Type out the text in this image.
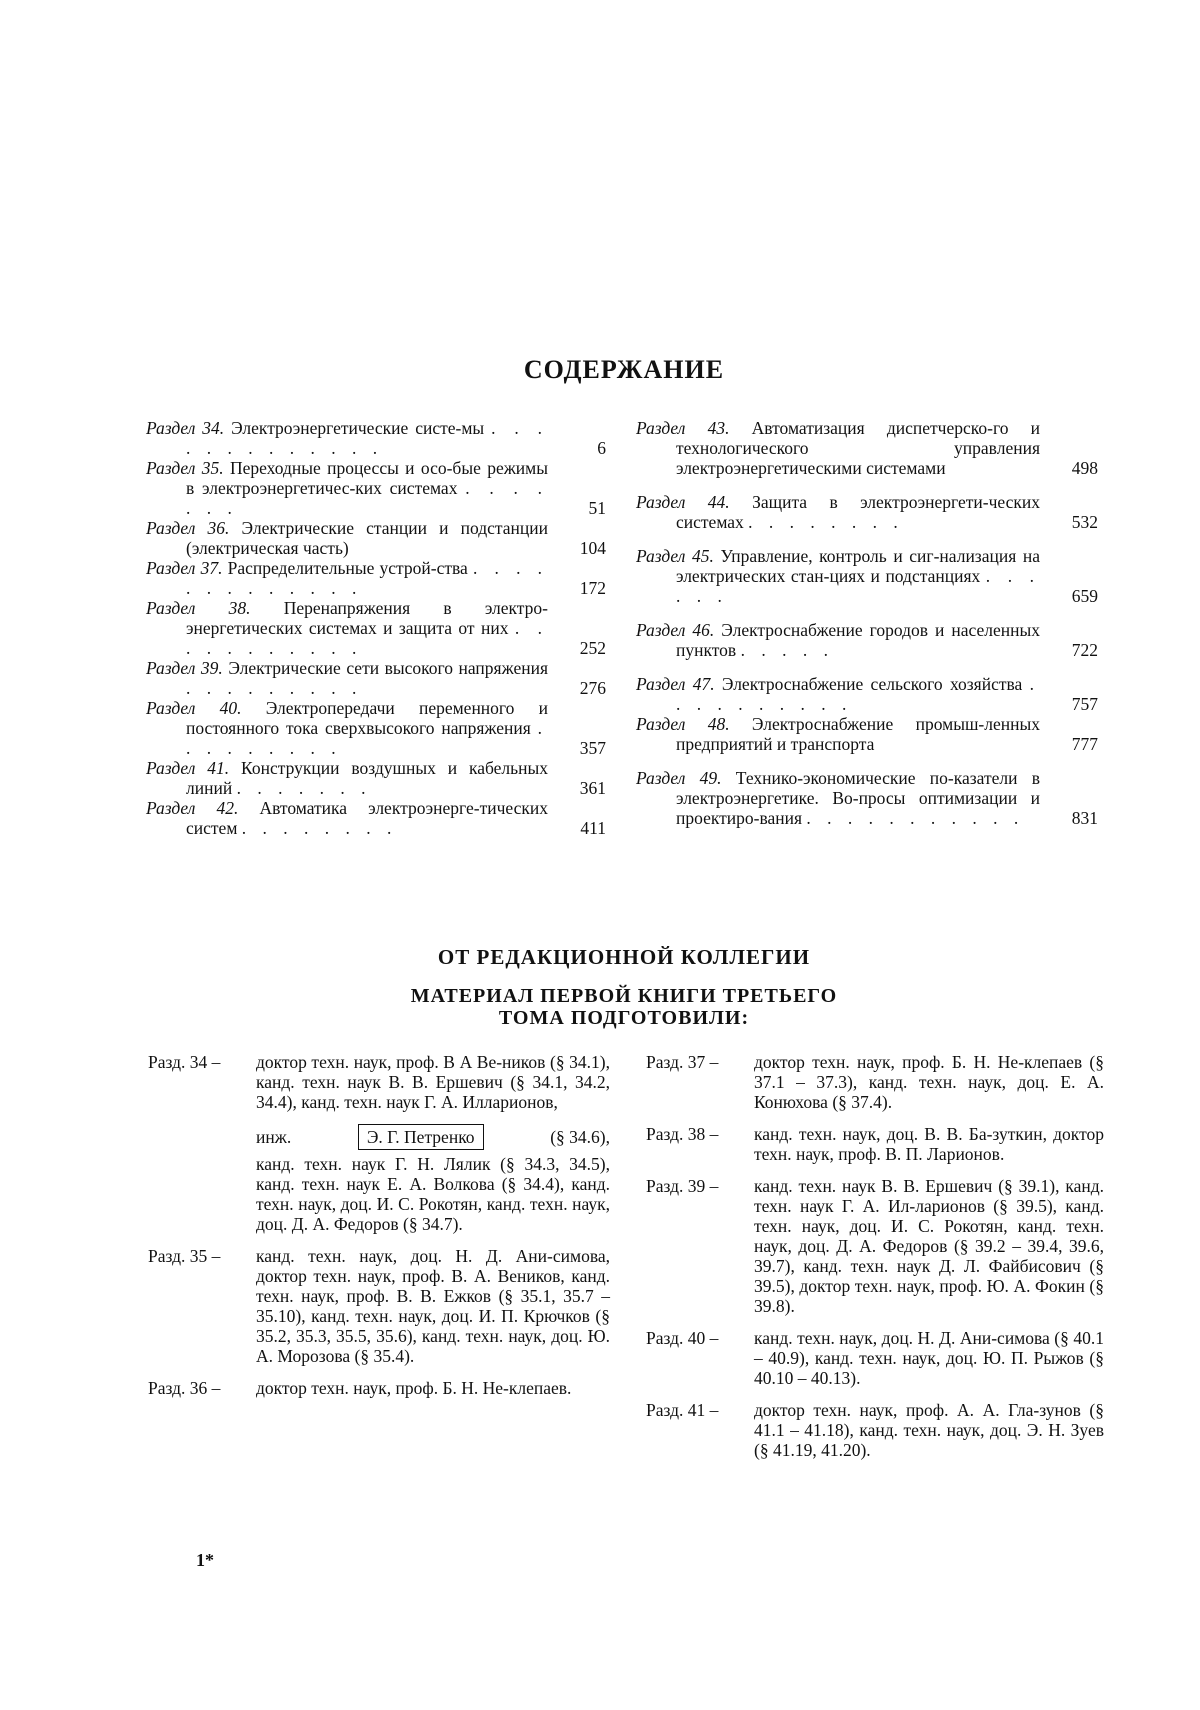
СОДЕРЖАНИЕ
Раздел 34. Электроэнергетические систе-мы . . . . . . . . . . . . .	6
Раздел 35. Переходные процессы и осо-бые режимы в электроэнергетичес-ких системах . . . . . . .	51
Раздел 36. Электрические станции и подстанции (электрическая часть)	104
Раздел 37. Распределительные устрой-ства . . . . . . . . . . . . .	172
Раздел 38. Перенапряжения в электро-энергетических системах и защита от них . . . . . . . . . . .	252
Раздел 39. Электрические сети высокого напряжения . . . . . . . . .	276
Раздел 40. Электропередачи переменного и постоянного тока сверхвысокого напряжения . . . . . . . . .	357
Раздел 41. Конструкции воздушных и кабельных линий . . . . . . .	361
Раздел 42. Автоматика электроэнерге-тических систем . . . . . . . .	411
Раздел 43. Автоматизация диспетчерско-го и технологического управления электроэнергетическими системами	498
Раздел 44. Защита в электроэнергети-ческих системах . . . . . . . .	532
Раздел 45. Управление, контроль и сиг-нализация на электрических стан-циях и подстанциях . . . . . .	659
Раздел 46. Электроснабжение городов и населенных пунктов . . . . .	722
Раздел 47. Электроснабжение сельского хозяйства . . . . . . . . . .	757
Раздел 48. Электроснабжение промыш-ленных предприятий и транспорта	777
Раздел 49. Технико-экономические по-казатели в электроэнергетике. Во-просы оптимизации и проектиро-вания . . . . . . . . . . .	831
ОТ РЕДАКЦИОННОЙ КОЛЛЕГИИ
МАТЕРИАЛ ПЕРВОЙ КНИГИ ТРЕТЬЕГО
ТОМА ПОДГОТОВИЛИ:
Разд. 34 –	доктор техн. наук, проф. В А Ве-ников (§ 34.1), канд. техн. наук В. В. Ершевич (§ 34.1, 34.2, 34.4), канд. техн. наук Г. А. Илларионов,
инж.	Э. Г. Петренко	(§ 34.6),
канд. техн. наук Г. Н. Лялик (§ 34.3, 34.5), канд. техн. наук Е. А. Волкова (§ 34.4), канд. техн. наук, доц. И. С. Рокотян, канд. техн. наук, доц. Д. А. Федоров (§ 34.7).
Разд. 35 –	канд. техн. наук, доц. Н. Д. Ани-симова, доктор техн. наук, проф. В. А. Веников, канд. техн. наук, проф. В. В. Ежков (§ 35.1, 35.7 – 35.10), канд. техн. наук, доц. И. П. Крючков (§ 35.2, 35.3, 35.5, 35.6), канд. техн. наук, доц. Ю. А. Морозова (§ 35.4).
Разд. 36 –	доктор техн. наук, проф. Б. Н. Не-клепаев.
Разд. 37 –	доктор техн. наук, проф. Б. Н. Не-клепаев (§ 37.1 – 37.3), канд. техн. наук, доц. Е. А. Конюхова (§ 37.4).
Разд. 38 –	канд. техн. наук, доц. В. В. Ба-зуткин, доктор техн. наук, проф. В. П. Ларионов.
Разд. 39 –	канд. техн. наук В. В. Ершевич (§ 39.1), канд. техн. наук Г. А. Ил-ларионов (§ 39.5), канд. техн. наук, доц. И. С. Рокотян, канд. техн. наук, доц. Д. А. Федоров (§ 39.2 – 39.4, 39.6, 39.7), канд. техн. наук Д. Л. Файбисович (§ 39.5), доктор техн. наук, проф. Ю. А. Фокин (§ 39.8).
Разд. 40 –	канд. техн. наук, доц. Н. Д. Ани-симова (§ 40.1 – 40.9), канд. техн. наук, доц. Ю. П. Рыжов (§ 40.10 – 40.13).
Разд. 41 –	доктор техн. наук, проф. А. А. Гла-зунов (§ 41.1 – 41.18), канд. техн. наук, доц. Э. Н. Зуев (§ 41.19, 41.20).
1*
